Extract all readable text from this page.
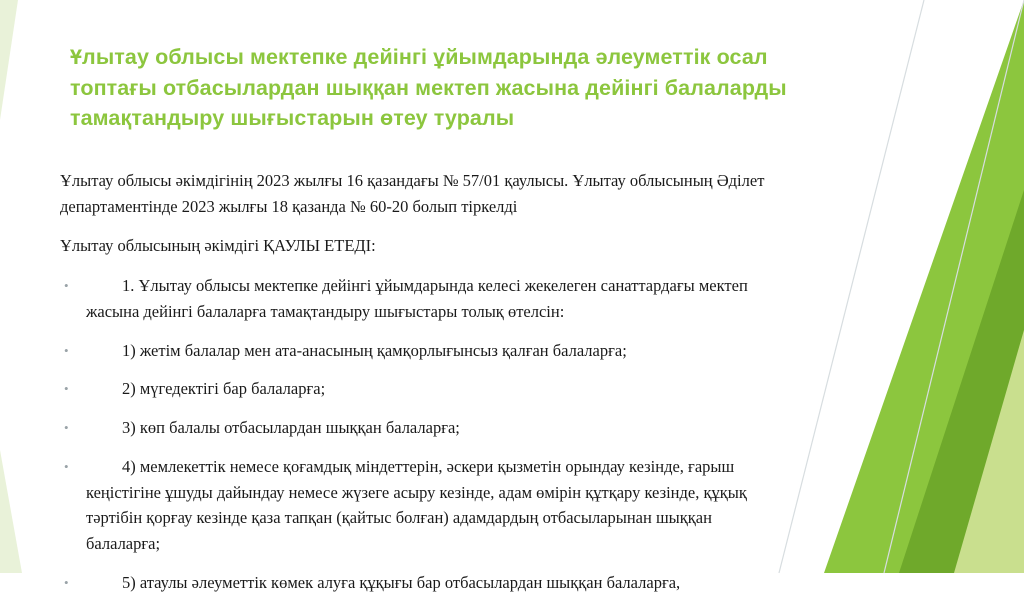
Ұлытау облысы мектепке дейінгі ұйымдарында әлеуметтік осал топтағы отбасылардан шыққан мектеп жасына дейінгі балаларды тамақтандыру шығыстарын өтеу туралы

Ұлытау облысы әкімдігінің 2023 жылғы 16 қазандағы № 57/01 қаулысы. Ұлытау облысының Әділет департаментінде 2023 жылғы 18 қазанда № 60-20 болып тіркелді

Ұлытау облысының әкімдігі ҚАУЛЫ ЕТЕДІ:

•	1. Ұлытау облысы мектепке дейінгі ұйымдарында келесі жекелеген санаттардағы мектеп жасына дейінгі балаларға тамақтандыру шығыстары толық өтелсін:
•	1) жетім балалар мен ата-анасының қамқорлығынсыз қалған балаларға;
•	2) мүгедектігі бар балаларға;
•	3) көп балалы отбасылардан шыққан балаларға;
•	4) мемлекеттік немесе қоғамдық міндеттерін, әскери қызметін орындау кезінде, ғарыш кеңістігіне ұшуды дайындау немесе жүзеге асыру кезінде, адам өмірін құтқару кезінде, құқық тәртібін қорғау кезінде қаза тапқан (қайтыс болған) адамдардың отбасыларынан шыққан балаларға;
•	5) атаулы әлеуметтік көмек алуға құқығы бар отбасылардан шыққан балаларға,
